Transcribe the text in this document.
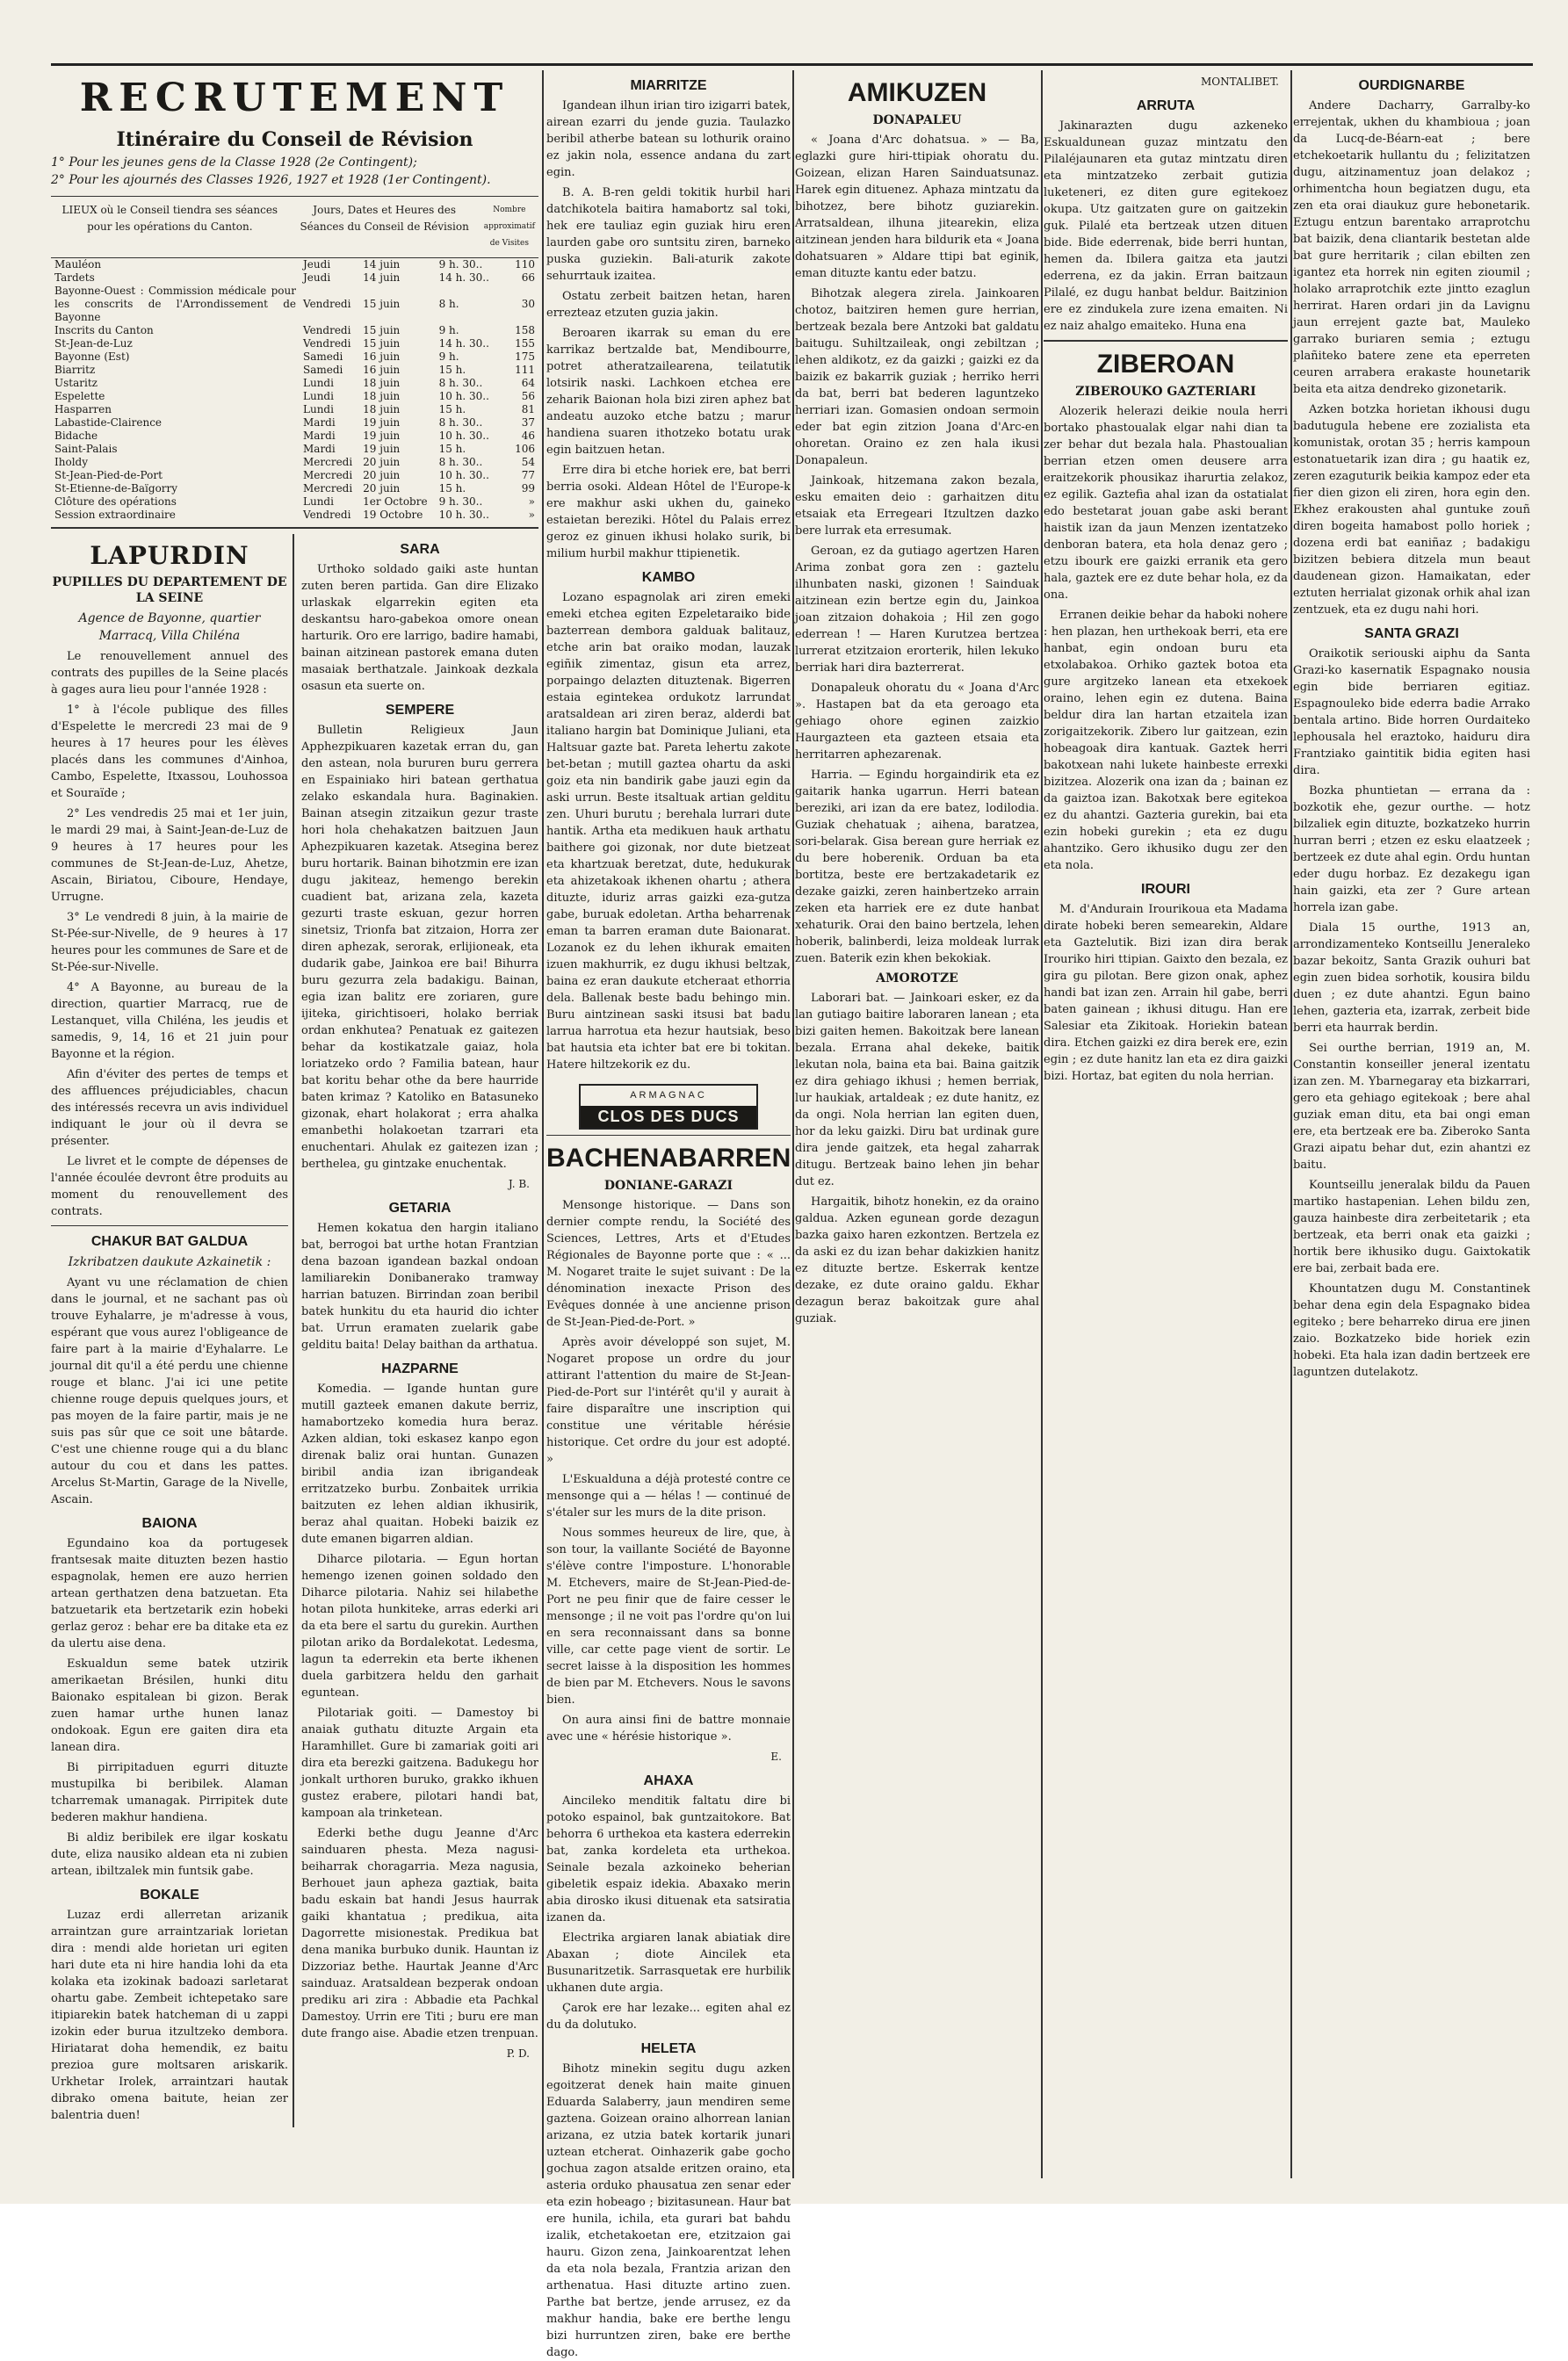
RECRUTEMENT
Itinéraire du Conseil de Révision
1° Pour les jeunes gens de la Classe 1928 (2e Contingent);
2° Pour les ajournés des Classes 1926, 1927 et 1928 (1er Contingent).
LIEUX où le Conseil tiendra ses séances pour les opérations du Canton.
Jours, Dates et Heures des Séances du Conseil de Révision
Nombre approximatif de Visites
Mauléon	Jeudi	14 juin	9 h. 30..	110
Tardets	Jeudi	14 juin	14 h. 30..	66
Bayonne-Ouest : Commission médicale pour les conscrits de l'Arrondissement de Bayonne	Vendredi	15 juin	8 h.	30
Inscrits du Canton	Vendredi	15 juin	9 h.	158
St-Jean-de-Luz	Vendredi	15 juin	14 h. 30..	155
Bayonne (Est)	Samedi	16 juin	9 h.	175
Biarritz	Samedi	16 juin	15 h.	111
Ustaritz	Lundi	18 juin	8 h. 30..	64
Espelette	Lundi	18 juin	10 h. 30..	56
Hasparren	Lundi	18 juin	15 h.	81
Labastide-Clairence	Mardi	19 juin	8 h. 30..	37
Bidache	Mardi	19 juin	10 h. 30..	46
Saint-Palais	Mardi	19 juin	15 h.	106
Iholdy	Mercredi	20 juin	8 h. 30..	54
St-Jean-Pied-de-Port	Mercredi	20 juin	10 h. 30..	77
St-Etienne-de-Baïgorry	Mercredi	20 juin	15 h.	99
Clôture des opérations	Lundi	1er Octobre	9 h. 30..	»
Session extraordinaire	Vendredi	19 Octobre	10 h. 30..	»
LAPURDIN
PUPILLES DU DEPARTEMENT DE LA SEINE

Agence de Bayonne, quartier Marracq, Villa Chiléna

Le renouvellement annuel des contrats des pupilles de la Seine placés à gages aura lieu pour l'année 1928 :

1° à l'école publique des filles d'Espelette le mercredi 23 mai de 9 heures à 17 heures pour les élèves placés dans les communes d'Ainhoa, Cambo, Espelette, Itxassou, Louhossoa et Souraïde ;

2° Les vendredis 25 mai et 1er juin, le mardi 29 mai, à Saint-Jean-de-Luz de 9 heures à 17 heures pour les communes de St-Jean-de-Luz, Ahetze, Ascain, Biriatou, Ciboure, Hendaye, Urrugne.

3° Le vendredi 8 juin, à la mairie de St-Pée-sur-Nivelle, de 9 heures à 17 heures pour les communes de Sare et de St-Pée-sur-Nivelle.

4° A Bayonne, au bureau de la direction, quartier Marracq, rue de Lestanquet, villa Chiléna, les jeudis et samedis, 9, 14, 16 et 21 juin pour Bayonne et la région.

Afin d'éviter des pertes de temps et des affluences préjudiciables, chacun des intéressés recevra un avis individuel indiquant le jour où il devra se présenter.

Le livret et le compte de dépenses de l'année écoulée devront être produits au moment du renouvellement des contrats.

CHAKUR BAT GALDUA

Izkribatzen daukute Azkainetik :

Ayant vu une réclamation de chien dans le journal, et ne sachant pas où trouve Eyhalarre, je m'adresse à vous, espérant que vous aurez l'obligeance de faire part à la mairie d'Eyhalarre. Le journal dit qu'il a été perdu une chienne rouge et blanc. J'ai ici une petite chienne rouge depuis quelques jours, et pas moyen de la faire partir, mais je ne suis pas sûr que ce soit une bâtarde. C'est une chienne rouge qui a du blanc autour du cou et dans les pattes. Arcelus St-Martin, Garage de la Nivelle, Ascain.

BAIONA

Egundaino koa da portugesek frantsesak maite dituzten bezen hastio espagnolak, hemen ere auzo herrien artean gerthatzen dena batzuetan. Eta batzuetarik eta bertzetarik ezin hobeki gerlaz geroz : behar ere ba ditake eta ez da ulertu aise dena.

Eskualdun seme batek utzirik amerikaetan Brésilen, hunki ditu Baionako espitalean bi gizon. Berak zuen hamar urthe hunen lanaz ondokoak. Egun ere gaiten dira eta lanean dira.

Bi pirripitaduen egurri dituzte mustupilka bi beribilek. Alaman tcharremak umanagak. Pirripitek dute bederen makhur handiena.

Bi aldiz beribilek ere ilgar koskatu dute, eliza nausiko aldean eta ni zubien artean, ibiltzalek min funtsik gabe.

BOKALE

Luzaz erdi allerretan arizanik arraintzan gure arraintzariak lorietan dira : mendi alde horietan uri egiten hari dute eta ni hire handia lohi da eta kolaka eta izokinak badoazi sarletarat ohartu gabe. Zembeit ichtepetako sare itipiarekin batek hatcheman di u zappi izokin eder burua itzultzeko dembora. Hiriatarat doha hemendik, ez baitu prezioa gure moltsaren ariskarik. Urkhetar Irolek, arraintzari hautak dibrako omena baitute, heian zer balentria duen!

SARA

Urthoko soldado gaiki aste huntan zuten beren partida. Gan dire Elizako urlaskak elgarrekin egiten eta deskantsu haro-gabekoa omore onean harturik. Oro ere larrigo, badire hamabi, bainan aitzinean pastorek emana duten masaiak berthatzale. Jainkoak dezkala osasun eta suerte on.

SEMPERE

Bulletin Religieux Jaun Apphezpikuaren kazetak erran du, gan den astean, nola bururen buru gerrera en Espainiako hiri batean gerthatua zelako eskandala hura. Baginakien. Bainan atsegin zitzaikun gezur traste hori hola chehakatzen baitzuen Jaun Aphezpikuaren kazetak. Atsegina berez buru hortarik. Bainan bihotzmin ere izan dugu jakiteaz, hemengo berekin cuadient bat, arizana zela, kazeta gezurti traste eskuan, gezur horren sinetsiz, Trionfa bat zitzaion, Horra zer diren aphezak, serorak, erlijioneak, eta dudarik gabe, Jainkoa ere bai! Bihurra buru gezurra zela badakigu. Bainan, egia izan balitz ere zoriaren, gure ijiteka, girichtisoeri, holako berriak ordan enkhutea? Penatuak ez gaitezen behar da kostikatzale gaiaz, hola loriatzeko ordo ? Familia batean, haur bat koritu behar othe da bere haurride baten krimaz ? Katoliko en Batasuneko gizonak, ehart holakorat ; erra ahalka emanbethi holakoetan tzarrari eta enuchentari. Ahulak ez gaitezen izan ; berthelea, gu gintzake enuchentak.

J. B.
GETARIA

Hemen kokatua den hargin italiano bat, berrogoi bat urthe hotan Frantzian dena bazoan igandean bazkal ondoan lamiliarekin Donibanerako tramway harrian batuzen. Birrindan zoan beribil batek hunkitu du eta haurid dio ichter bat. Urrun eramaten zuelarik gabe gelditu baita! Delay baithan da arthatua.

HAZPARNE

Komedia. — Igande huntan gure mutill gazteek emanen dakute berriz, hamabortzeko komedia hura beraz. Azken aldian, toki eskasez kanpo egon direnak baliz orai huntan. Gunazen biribil andia izan ibrigandeak erritzatzeko burbu. Zonbaitek urrikia baitzuten ez lehen aldian ikhusirik, beraz ahal quaitan. Hobeki baizik ez dute emanen bigarren aldian.

Diharce pilotaria. — Egun hortan hemengo izenen goinen soldado den Diharce pilotaria. Nahiz sei hilabethe hotan pilota hunkiteke, arras ederki ari da eta bere el sartu du gurekin. Aurthen pilotan ariko da Bordalekotat. Ledesma, lagun ta ederrekin eta berte ikhenen duela garbitzera heldu den garhait eguntean.

Pilotariak goiti. — Damestoy bi anaiak guthatu dituzte Argain eta Haramhillet. Gure bi zamariak goiti ari dira eta berezki gaitzena. Badukegu hor jonkalt urthoren buruko, grakko ikhuen gustez erabere, pilotari handi bat, kampoan ala trinketean.

Ederki bethe dugu Jeanne d'Arc sainduaren phesta. Meza nagusi-beiharrak choragarria. Meza nagusia, Berhouet jaun apheza gaztiak, baita badu eskain bat handi Jesus haurrak gaiki khantatua ; predikua, aita Dagorrette misionestak. Predikua bat dena manika burbuko dunik. Hauntan iz Dizzoriaz bethe. Haurtak Jeanne d'Arc sainduaz. Aratsaldean bezperak ondoan prediku ari zira : Abbadie eta Pachkal Damestoy. Urrin ere Titi ; buru ere man dute frango aise. Abadie etzen trenpuan.

P. D.
MIARRITZE

Igandean ilhun irian tiro izigarri batek, airean ezarri du jende guzia. Taulazko beribil atherbe batean su lothurik oraino ez jakin nola, essence andana du zart egin.

B. A. B-ren geldi tokitik hurbil hari datchikotela baitira hamabortz sal toki, hek ere tauliaz egin guziak hiru eren laurden gabe oro suntsitu ziren, barneko puska guziekin. Bali-aturik zakote sehurrtauk izaitea.

Ostatu zerbeit baitzen hetan, haren errezteaz etzuten guzia jakin.

Beroaren ikarrak su eman du ere karrikaz bertzalde bat, Mendibourre, potret atheratzailearena, teilatutik lotsirik naski. Lachkoen etchea ere zeharik Baionan hola bizi ziren aphez bat andeatu auzoko etche batzu ; marur handiena suaren ithotzeko botatu urak egin baitzuen hetan.

Erre dira bi etche horiek ere, bat berri berria osoki. Aldean Hôtel de l'Europe-k ere makhur aski ukhen du, gaineko estaietan bereziki. Hôtel du Palais errez geroz ez ginuen ikhusi holako surik, bi milium hurbil makhur ttipienetik.

KAMBO

Lozano espagnolak ari ziren emeki emeki etchea egiten Ezpeletaraiko bide bazterrean dembora galduak balitauz, etche arin bat oraiko modan, lauzak egiñik zimentaz, gisun eta arrez, porpaingo delazten dituztenak. Bigerren estaia egintekea ordukotz larrundat aratsaldean ari ziren beraz, alderdi bat italiano hargin bat Dominique Juliani, eta Haltsuar gazte bat. Pareta lehertu zakote bet-betan ; mutill gaztea ohartu da aski goiz eta nin bandirik gabe jauzi egin da aski urrun. Beste itsaltuak artian gelditu zen. Uhuri burutu ; berehala lurrari dute hantik. Artha eta medikuen hauk arthatu baithere goi gizonak, nor dute bietzeat eta khartzuak beretzat, dute, hedukurak eta ahizetakoak ikhenen ohartu ; athera dituzte, iduriz arras gaizki eza-gutza gabe, buruak edoletan. Artha beharrenak eman ta barren eraman dute Baionarat. Lozanok ez du lehen ikhurak emaiten izuen makhurrik, ez dugu ikhusi beltzak, baina ez eran daukute etcheraat ethorria dela. Ballenak beste badu behingo min. Buru aintzinean saski itsusi bat badu larrua harrotua eta hezur hautsiak, beso bat hautsia eta ichter bat ere bi tokitan. Hatere hiltzekorik ez du.

ARMAGNAC
CLOS DES DUCS
BACHENABARREN
DONIANE-GARAZI

Mensonge historique. — Dans son dernier compte rendu, la Société des Sciences, Lettres, Arts et d'Etudes Régionales de Bayonne porte que : « ... M. Nogaret traite le sujet suivant : De la dénomination inexacte Prison des Evêques donnée à une ancienne prison de St-Jean-Pied-de-Port. »

Après avoir développé son sujet, M. Nogaret propose un ordre du jour attirant l'attention du maire de St-Jean-Pied-de-Port sur l'intérêt qu'il y aurait à faire disparaître une inscription qui constitue une véritable hérésie historique. Cet ordre du jour est adopté. »

L'Eskualduna a déjà protesté contre ce mensonge qui a — hélas ! — continué de s'étaler sur les murs de la dite prison.

Nous sommes heureux de lire, que, à son tour, la vaillante Société de Bayonne s'élève contre l'imposture. L'honorable M. Etchevers, maire de St-Jean-Pied-de-Port ne peu finir que de faire cesser le mensonge ; il ne voit pas l'ordre qu'on lui en sera reconnaissant dans sa bonne ville, car cette page vient de sortir. Le secret laisse à la disposition les hommes de bien par M. Etchevers. Nous le savons bien.

On aura ainsi fini de battre monnaie avec une « hérésie historique ».

E.
AHAXA

Aincileko menditik faltatu dire bi potoko espainol, bak guntzaitokore. Bat behorra 6 urthekoa eta kastera ederrekin bat, zanka kordeleta eta urthekoa. Seinale bezala azkoineko beherian gibeletik espaiz idekia. Abaxako merin abia dirosko ikusi dituenak eta satsiratia izanen da.

Electrika argiaren lanak abiatiak dire Abaxan ; diote Aincilek eta Busunaritzetik. Sarrasquetak ere hurbilik ukhanen dute argia.

Çarok ere har lezake... egiten ahal ez du da dolutuko.

HELETA

Bihotz minekin segitu dugu azken egoitzerat denek hain maite ginuen Eduarda Salaberry, jaun mendiren seme gaztena. Goizean oraino alhorrean lanian arizana, ez utzia batek kortarik junari uztean etcherat. Oinhazerik gabe gocho gochua zagon atsalde eritzen oraino, eta asteria orduko phausatua zen senar eder eta ezin hobeago ; bizitasunean. Haur bat ere hunila, ichila, eta gurari bat bahdu izalik, etchetakoetan ere, etzitzaion gai hauru. Gizon zena, Jainkoarentzat lehen da eta nola bezala, Frantzia arizan den arthenatua. Hasi dituzte artino zuen. Parthe bat bertze, jende arrusez, ez da makhur handia, bake ere berthe lengu bizi hurruntzen ziren, bake ere berthe dago.

AMIKUZEN
DONAPALEU

« Joana d'Arc dohatsua. » — Ba, eglazki gure hiri-ttipiak ohoratu du. Goizean, elizan Haren Sainduatsunaz. Harek egin dituenez. Aphaza mintzatu da bihotzez, bere bihotz guziarekin. Arratsaldean, ilhuna jitearekin, eliza aitzinean jenden hara bildurik eta « Joana dohatsuaren » Aldare ttipi bat eginik, eman dituzte kantu eder batzu.

Bihotzak alegera zirela. Jainkoaren chotoz, baitziren hemen gure herrian, bertzeak bezala bere Antzoki bat galdatu baitugu. Suhiltzaileak, ongi zebiltzan ; lehen aldikotz, ez da gaizki ; gaizki ez da baizik ez bakarrik guziak ; herriko herri da bat, berri bat bederen laguntzeko herriari izan. Gomasien ondoan sermoin eder bat egin zitzion Joana d'Arc-en ohoretan. Oraino ez zen hala ikusi Donapaleun.

Jainkoak, hitzemana zakon bezala, esku emaiten deio : garhaitzen ditu etsaiak eta Erregeari Itzultzen dazko bere lurrak eta erresumak.

Geroan, ez da gutiago agertzen Haren Arima zonbat gora zen : gaztelu ilhunbaten naski, gizonen ! Sainduak aitzinean ezin bertze egin du, Jainkoa joan zitzaion dohakoia ; Hil zen gogo ederrean ! — Haren Kurutzea bertzea lurrerat etzitzaion erorterik, hilen lekuko berriak hari dira bazterrerat.

Donapaleuk ohoratu du « Joana d'Arc ». Hastapen bat da eta geroago eta gehiago ohore eginen zaizkio Haurgazteen eta gazteen etsaia eta herritarren aphezarenak.

Harria. — Egindu horgaindirik eta ez gaitarik hanka ugarrun. Herri batean bereziki, ari izan da ere batez, lodilodia. Guziak chehatuak ; aihena, baratzea, sori-belarak. Gisa berean gure herriak ez du bere hoberenik. Orduan ba eta bortitza, beste ere bertzakadetarik ez dezake gaizki, zeren hainbertzeko arrain zeken eta harriek ere ez dute hanbat xehaturik. Orai den baino bertzela, lehen hoberik, balinberdi, leiza moldeak lurrak zuen. Baterik ezin khen bekokiak.

AMOROTZE

Laborari bat. — Jainkoari esker, ez da lan gutiago baitire laboraren lanean ; eta bizi gaiten hemen. Bakoitzak bere lanean bezala. Errana ahal dekeke, baitik lekutan nola, baina eta bai. Baina gaitzik ez dira gehiago ikhusi ; hemen berriak, lur haukiak, artaldeak ; ez dute hanitz, ez da ongi. Nola herrian lan egiten duen, hor da leku gaizki. Diru bat urdinak gure dira jende gaitzek, eta hegal zaharrak ditugu. Bertzeak baino lehen jin behar dut ez.

Hargaitik, bihotz honekin, ez da oraino galdua. Azken egunean gorde dezagun bazka gaixo haren ezkontzen. Bertzela ez da aski ez du izan behar dakizkien hanitz ez dituzte bertze. Eskerrak kentze dezake, ez dute oraino galdu. Ekhar dezagun beraz bakoitzak gure ahal guziak.

MONTALIBET.
ARRUTA

Jakinarazten dugu azkeneko Eskualdunean guzaz mintzatu den Pilaléjaunaren eta gutaz mintzatu diren eta mintzatzeko zerbait gutizia luketeneri, ez diten gure egitekoez okupa. Utz gaitzaten gure on gaitzekin guk. Pilalé eta bertzeak utzen dituen bide. Bide ederrenak, bide berri huntan, hemen da. Ibilera gaitza eta jautzi ederrena, ez da jakin. Erran baitzaun Pilalé, ez dugu hanbat beldur. Baitzinion ere ez zindukela zure izena emaiten. Ni ez naiz ahalgo emaiteko. Huna ena

ZIBEROAN
ZIBEROUKO GAZTERIARI

Alozerik helerazi deikie noula herri bortako phastoualak elgar nahi dian ta zer behar dut bezala hala. Phastoualian berrian etzen omen deusere arra eraitzekorik phousikaz iharurtia zelakoz, ez egilik. Gaztefia ahal izan da ostatialat edo bestetarat jouan gabe aski berant haistik izan da jaun Menzen izentatzeko denboran batera, eta hola denaz gero ; etzu ibourk ere gaizki erranik eta gero hala, gaztek ere ez dute behar hola, ez da ona.

Erranen deikie behar da haboki nohere : hen plazan, hen urthekoak berri, eta ere hanbat, egin ondoan buru eta etxolabakoa. Orhiko gaztek botoa eta gure argitzeko lanean eta etxekoek oraino, lehen egin ez dutena. Baina beldur dira lan hartan etzaitela izan zorigaitzekorik. Zibero lur gaitzean, ezin hobeagoak dira kantuak. Gaztek herri bakotxean nahi lukete hainbeste errexki bizitzea. Alozerik ona izan da ; bainan ez da gaiztoa izan. Bakotxak bere egitekoa ez du ahantzi. Gazteria gurekin, bai eta ezin hobeki gurekin ; eta ez dugu ahantziko. Gero ikhusiko dugu zer den eta nola.

IROURI

M. d'Andurain Irourikoua eta Madama dirate hobeki beren semearekin, Aldare eta Gaztelutik. Bizi izan dira berak Irouriko hiri ttipian. Gaixto den bezala, ez gira gu pilotan. Bere gizon onak, aphez handi bat izan zen. Arrain hil gabe, berri baten gainean ; ikhusi ditugu. Han ere Salesiar eta Zikitoak. Horiekin batean dira. Etchen gaizki ez dira berek ere, ezin egin ; ez dute hanitz lan eta ez dira gaizki bizi. Hortaz, bat egiten du nola herrian.

OURDIGNARBE

Andere Dacharry, Garralby-ko errejentak, ukhen du khambioua ; joan da Lucq-de-Béarn-eat ; bere etchekoetarik hullantu du ; felizitatzen dugu, aitzinamentuz joan delakoz ; orhimentcha houn begiatzen dugu, eta zen eta orai diaukuz gure hebonetarik. Eztugu entzun barentako arraprotchu bat baizik, dena cliantarik bestetan alde bat gure herritarik ; cilan ebilten zen igantez eta horrek nin egiten zioumil ; holako arraprotchik ezte jintto ezaglun herrirat. Haren ordari jin da Lavignu jaun errejent gazte bat, Mauleko garrako buriaren semia ; eztugu plañiteko batere zene eta eperreten ceuren arrabera erakaste hounetarik beita eta aitza dendreko gizonetarik.

Azken botzka horietan ikhousi dugu badutugula hebene ere zozialista eta komunistak, orotan 35 ; herris kampoun estonatuetarik izan dira ; gu haatik ez, zeren ezaguturik beikia kampoz eder eta fier dien gizon eli ziren, hora egin den. Ekhez erakousten ahal guntuke zouñ diren bogeita hamabost pollo horiek ; dozena erdi bat eaniñaz ; badakigu bizitzen bebiera ditzela mun beaut daudenean gizon. Hamaikatan, eder eztuten herrialat gizonak orhik ahal izan zentzuek, eta ez dugu nahi hori.

SANTA GRAZI

Oraikotik seriouski aiphu da Santa Grazi-ko kasernatik Espagnako nousia egin bide berriaren egitiaz. Espagnouleko bide ederra badie Arrako bentala artino. Bide horren Ourdaiteko lephousala hel eraztoko, haiduru dira Frantziako gaintitik bidia egiten hasi dira.

Bozka phuntietan — errana da : bozkotik ehe, gezur ourthe. — hotz bilzaliek egin dituzte, bozkatzeko hurrin hurran berri ; etzen ez esku elaatzeek ; bertzeek ez dute ahal egin. Ordu huntan eder dugu horbaz. Ez dezakegu igan hain gaizki, eta zer ? Gure artean horrela izan gabe.

Diala 15 ourthe, 1913 an, arrondizamenteko Kontseillu Jeneraleko bazar bekoitz, Santa Grazik ouhuri bat egin zuen bidea sorhotik, kousira bildu duen ; ez dute ahantzi. Egun baino lehen, gazteria eta, izarrak, zerbeit bide berri eta haurrak berdin.

Sei ourthe berrian, 1919 an, M. Constantin konseiller jeneral izentatu izan zen. M. Ybarnegaray eta bizkarrari, gero eta gehiago egitekoak ; bere ahal guziak eman ditu, eta bai ongi eman ere, eta bertzeak ere ba. Ziberoko Santa Grazi aipatu behar dut, ezin ahantzi ez baitu.

Kountseillu jeneralak bildu da Pauen martiko hastapenian. Lehen bildu zen, gauza hainbeste dira zerbeitetarik ; eta bertzeak, eta berri onak eta gaizki ; hortik bere ikhusiko dugu. Gaixtokatik ere bai, zerbait bada ere.

Khountatzen dugu M. Constantinek behar dena egin dela Espagnako bidea egiteko ; bere beharreko dirua ere jinen zaio. Bozkatzeko bide horiek ezin hobeki. Eta hala izan dadin bertzeek ere laguntzen dutelakotz.
